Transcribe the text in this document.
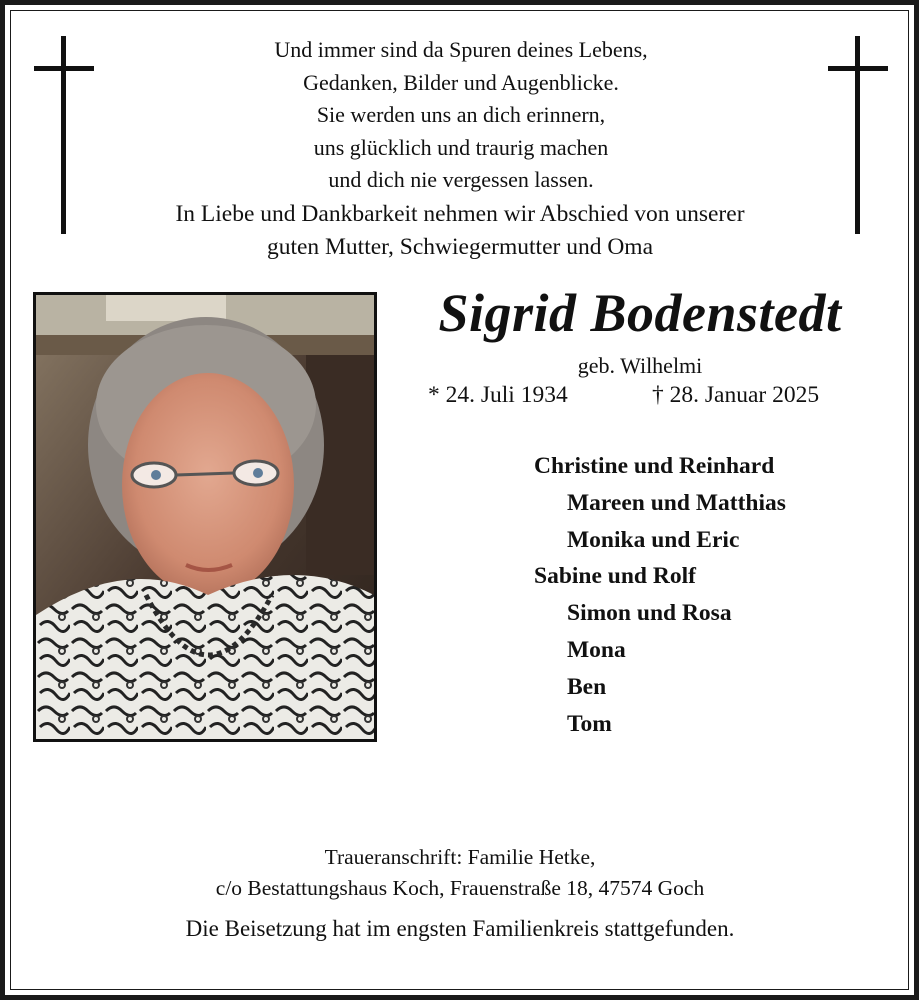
Und immer sind da Spuren deines Lebens,
Gedanken, Bilder und Augenblicke.
Sie werden uns an dich erinnern,
uns glücklich und traurig machen
und dich nie vergessen lassen.
In Liebe und Dankbarkeit nehmen wir Abschied von unserer
guten Mutter, Schwiegermutter und Oma
Sigrid Bodenstedt
geb. Wilhelmi
* 24. Juli 1934	† 28. Januar 2025
Christine und Reinhard
Mareen und Matthias
Monika und Eric
Sabine und Rolf
Simon und Rosa
Mona
Ben
Tom
Traueranschrift: Familie Hetke,
c/o Bestattungshaus Koch, Frauenstraße 18, 47574 Goch
Die Beisetzung hat im engsten Familienkreis stattgefunden.
